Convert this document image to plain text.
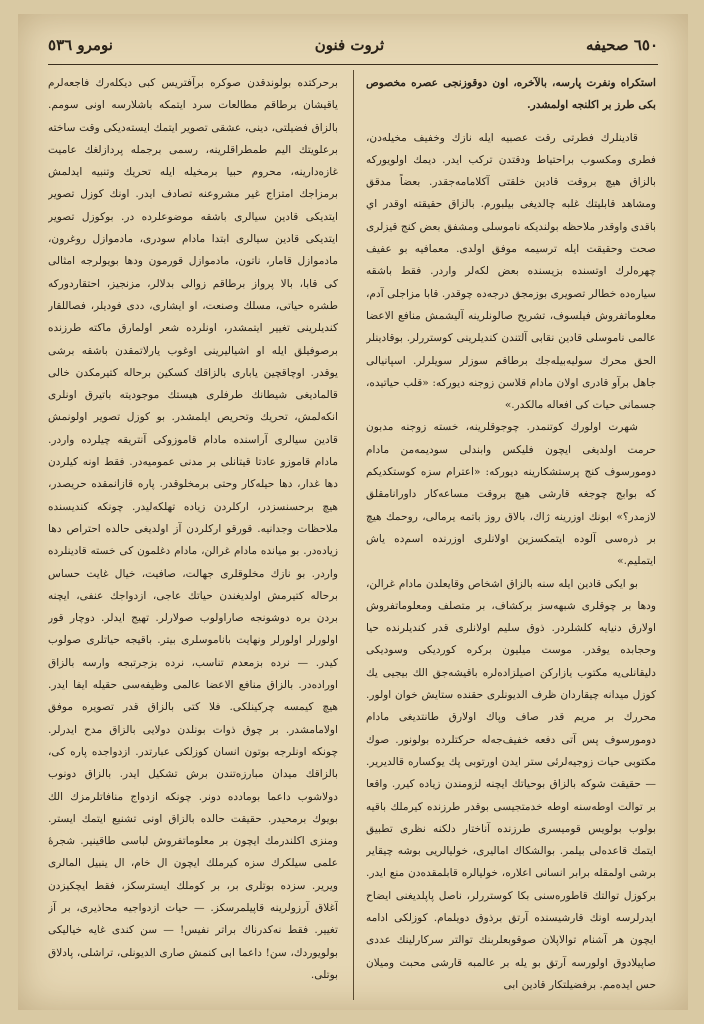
٦٥٠ صحيفه
ثروت فنون
نومرو ٥٣٦

استكراه ونفرت پارسه، بالآخره، اون دوقوزنجی عصره مخصوص بكی طرز بر اكلنجه اولمشدر.

قادينلرك فطرتی رقت عصبيه ايله نازك وخفيف مخيله‌دن، فطری ومكسوب براحتياط ودقتدن تركب ايدر. ديمك اولويوركه بالزاق هيچ بروقت قادين خلقتی آكلامامه‌جقدر. بعضاً مدقق ومشاهد قابليتك غلبه چالديغی بيلبورم. بالزاق حقيقته اوقدر اي باقدی واوقدر ملاحظه بولندیكه ناموسلی ومشفق بعض كنج قيزلری صحت وحقيقت ايله ترسيمه موفق اولدی. معمافيه بو عفيف چهره‌لرك اوتسنده بزيسنده بعض لكه‌لر واردر. فقط باشقه سياره‌ده خطالر تصويری بوزمجق درجه‌ده چوقدر. قابا مزاجلی آدم، معلوماتفروش فيلسوف، تشريح صالونلرينه آليشمش منافع الاعضا عالمی ناموسلی قادين نقابی آلتندن كنديلرينی كوستررلر. بوقادينلر الحق محرك سوليه‌بيله‌جك برطاقم سوزلر سويلرلر. اسپانيالی جاهل برآو قادری اولان مادام قلاسن زوجنه ديوركه: «قلب حياتيده، جسمانی حيات كی افعاله مالكدر.»

شهرت اولورك كوتنمدر. چوجوقلرينه، خسته زوجنه مدبون حرمت اولدیغی ايچون فليكس وابندلی سوديمه‌من مادام دومورسوف كنج پرستشكارينه ديوركه: «اعترام سزه كوستكديكم كه بوابج چوجغه قارشی هيچ بروقت مساعه‌كار داورانامقلق لازمدر؟» ابونك اوزرينه ژاك، بالاق روز باتمه يرمالی، روحمك هيچ بر ذره‌سی آلوده ايتمكسزين اولانلری اوزرنده اسم‌ده ياش ايتمليم.»

بو ايكی قادين ايله سنه بالزاق اشخاص وقايعلدن مادام غرالن، ودها بر چوقلری شبهه‌سز بركشاف، بر متصلف ومعلوماتفروش اولارق دنيايه كلشلردر. ذوق سليم اولانلری قدر كنديلرنده حيا وحجابده يوقدر. موست ميليون بركره كورديكی وسوديكی دليقانلی‌يه مكتوب يازاركن اصيلزاده‌لره باقيشه‌جق الك بيجيی يك كوزل ميدانه چيقاردان ظرف الديونلری حقنده ستايش خوان اولور. محررك بر مريم قدر صاف وپاك اولارق طانتديغی مادام دومورسوف پس آتی دفعه خفيف‌جه‌له حركتلرده بولونور. صوك مكتوبی حيات زوجيه‌لرئی ستر ايدن اورتوبی پك يوكساره قالديرير. — حقيقت شوكه بالزاق بوحياتك ايچنه لزومندن زياده كيرر. واقعا بر توالت اوطه‌سنه اوطه خدمتجيسی بوقدر طرزنده كيرملك باقيه بولوب بولويس قوميسری طرزنده آناختار دلكنه نظری تطبيق ايتمك قاعده‌لی بيلمر. بوالشكاك اماليری، خوليالريی بوشه چيقاير برشی اولمقله برابر انسانی اعلاره، خوليالره قابلمقده‌دن منع ايدر. بركوزل توالتك قاطوره‌سنی بكا كوستررلر، ناصل پاپلديغنی ايضاح ايدرلرسه اونك قارشيسنده آرتق برذوق دويلمام. كوزلكی ادامه ايچون هر آشنام توالاپلان صوقوبعلربنك توالتر سركارلينك عددی صاپيلادوق اولورسه آرتق بو يله بر عالمبه قارشی محبت وميلان حس ايده‌مم. برفضيلتكار قادين ابی

برحركتده بولوندقدن صوكره برآفتريس كبی ديكله‌رك فاجعه‌لرم ياقيشان برطاقم مطالعات سرد ايتمكه باشلارسه اونی سومم. بالزاق فضيلتی، دينی، عشقی تصوير ايتمك ايسته‌ديكی وقت ساخته برعلويتك الیم طمطراقلرينه، رسمی برجمله پردازلغك عاميت غازه‌دارينه، محروم حبيا برمخيله ايله تحريك وتنبيه ايدلمش برمزاجك امتزاج غير مشروعنه تصادف ايدر. اونك كوزل تصوير ايتديكی قادين سيالری باشقه موضوعلرده در. بوكوزل تصوير ايتديكی قادين سيالری ابتدا مادام سودری، مادموازل روغرون، مادموازل قامار، ناتون، مادموازل قورمون ودها بويولرجه امثالی كی قابا، بالا پرواز برطاقم زوالی بدلالر، مزنجيز، احتقاردوركه طشره حياتی، مسلك وصنعت، او ايشاری، ددی فوديلر، فصاللقار كنديلرينی تغيير ايتمشدر، اونلرده شعر اولمارق ماكته طرزنده برصوفيلق ايله او اشياليرينی اوغوب يارلاتمقدن باشقه برشی يوقدر. اوچاقچين ياباری بالزاقك كسكين برحاله كتيرمكدن خالی قالمادیغی شيطانك طرفلری هيستك موجوديته باتيرق اونلری انكه‌لمش، تحريك وتحريص ايلمشدر. بو كوزل تصوير اولونمش قادين سيالری آراسنده مادام قاموزوكی آنتریقه چيلرده واردر. مادام قاموزو عادتا قيتانلی بر مدنی عموميه‌در. فقط اونه كيلردن دها غدار، دها حيله‌كار وحتی برمخلوقدر. پاره قازانمقده حريصدر، هيچ برحسنسزدر، اركلردن زياده تهلكه‌ليدر. چونكه كنديسنده ملاحظات وجدانيه. قورقو اركلردن آز اولدیغی حالده احتراص دها زياده‌در. بو ميانده مادام غرالن، مادام دغلمون كی خسته قادينلرده واردر. بو نازك مخلوقلری جهالت، صافيت، خيال غايت حساس برحاله كتيرمش اولديغندن حياتك عاجی، ازدواجك عنفی، ايچنه بردن بره دوشونجه صاراولوب صولارلر. تهيج ايدلر. دوچار قور اولورلر اولورلر ونهايت باناموسلری بيتر. باقيجه حياتلری صولوب كيدر. — نرده بزمعدم تناسب، نرده بزجرتبجه وارسه بالزاق اوراده‌در. بالزاق منافع الاعضا عالمی وظيفه‌سی حقيله ايفا ايدر. هيچ كيمسه چركينلكی. فلا كتی بالزاق قدر تصويره موفق اولامامشدر. بر چوق ذوات بونلدن دولايی بالزاق مدح ايدرلر. چونكه اونلرجه بوتون انسان كوزلكی عبارتدر. ازدواجده پاره كی، بالزاقك ميدان مبارزه‌تندن برش تشكيل ايدر. بالزاق دونوب دولاشوب داعما بومادده دونر. چونكه ازدواج منافاتلرمزك الك بويوك برمحيدر. حقيقت حالده بالزاق اونی تشنيع ايتمك ايستر. ومنزی اكلندرمك ايچون بر معلوماتفروش لباسی طاقينير. شجرهٔ علمی سيلكرك سزه كيرملك ايچون ال خام، ال ينبيل المالری ويرير. سزده بوتلری بر، بر كوملك ايسترسكز، فقط ايچكيزدن آغلاق آرزولرينه قاپيلمرسكز. — حيات ازدواجيه محاذيری، بر آز تغيير. فقط نه‌كدرناك براتر نفيس! — سن كندی غايه خياليكی بولويوردك، سن! داعما ابی كنمش صاری الديونلی، تراشلی، پادلاق بوتلی.
